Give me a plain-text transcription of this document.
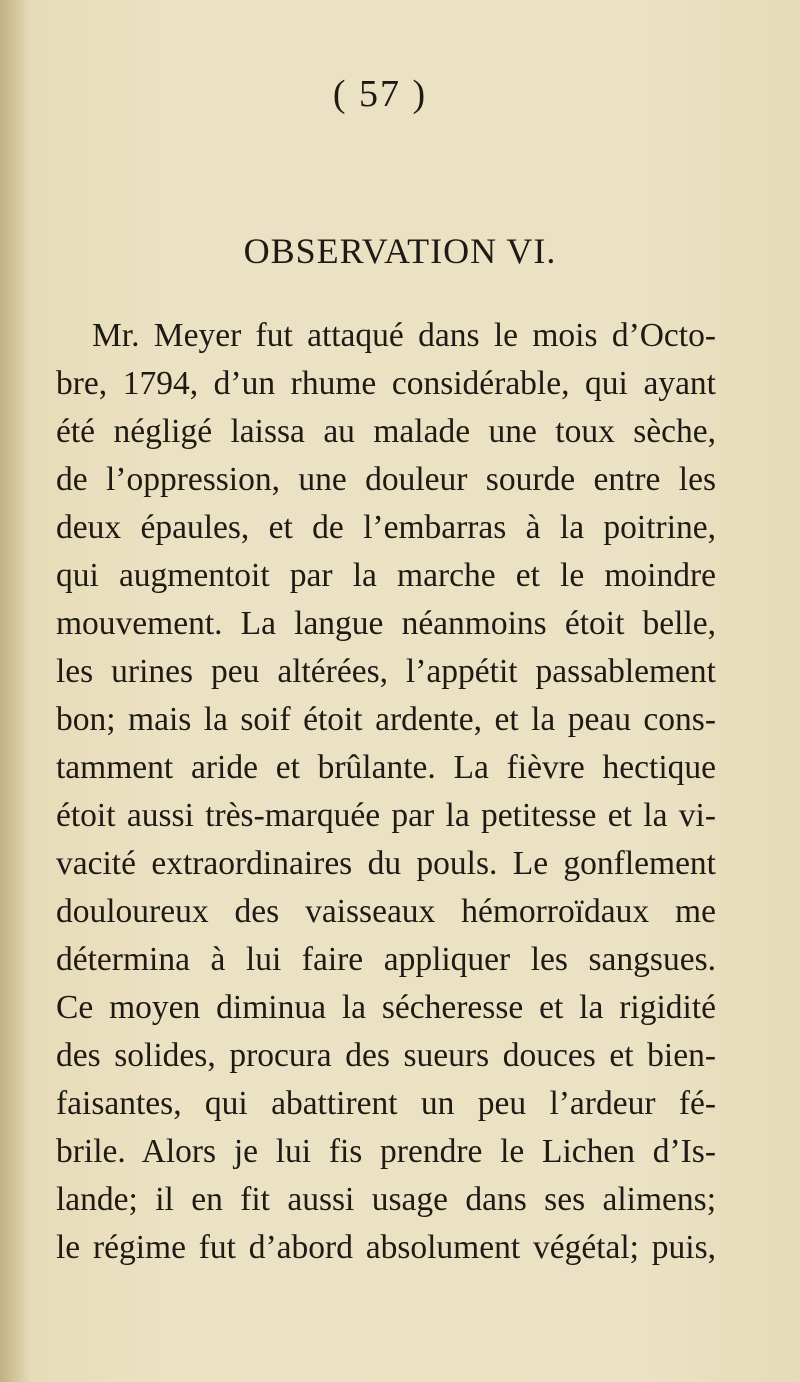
( 57 )
OBSERVATION VI.
Mr. Meyer fut attaqué dans le mois d’Octo-
bre, 1794, d’un rhume considérable, qui ayant
été négligé laissa au malade une toux sèche,
de l’oppression, une douleur sourde entre les
deux épaules, et de l’embarras à la poitrine,
qui augmentoit par la marche et le moindre
mouvement. La langue néanmoins étoit belle,
les urines peu altérées, l’appétit passablement
bon; mais la soif étoit ardente, et la peau cons-
tamment aride et brûlante. La fièvre hectique
étoit aussi très-marquée par la petitesse et la vi-
vacité extraordinaires du pouls. Le gonflement
douloureux des vaisseaux hémorroïdaux me
détermina à lui faire appliquer les sangsues.
Ce moyen diminua la sécheresse et la rigidité
des solides, procura des sueurs douces et bien-
faisantes, qui abattirent un peu l’ardeur fé-
brile. Alors je lui fis prendre le Lichen d’Is-
lande; il en fit aussi usage dans ses alimens;
le régime fut d’abord absolument végétal; puis,
